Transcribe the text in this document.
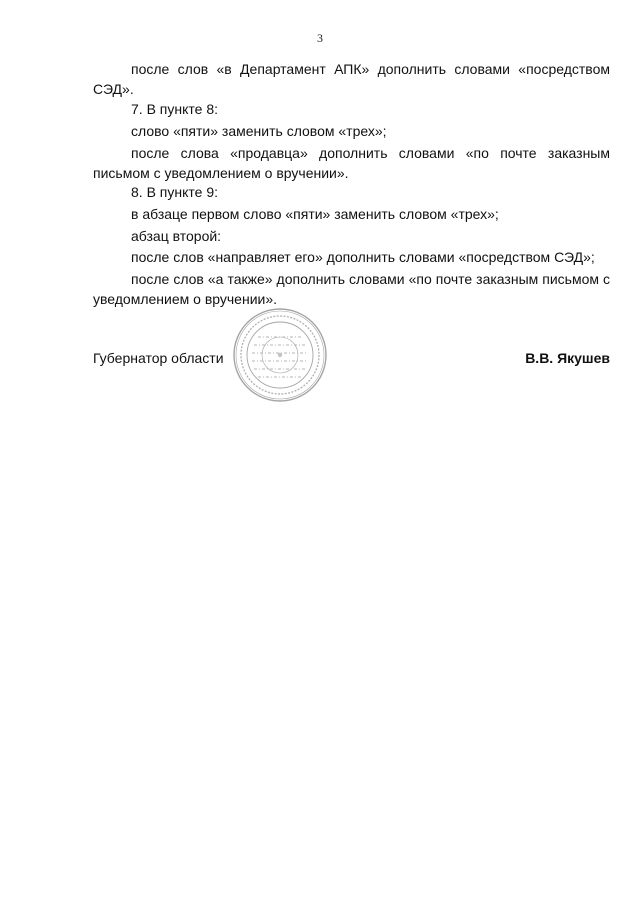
3
после слов «в Департамент АПК» дополнить словами «посредством СЭД».
7. В пункте 8:
слово «пяти» заменить словом «трех»;
после слова «продавца» дополнить словами «по почте заказным письмом с уведомлением о вручении».
8. В пункте 9:
в абзаце первом слово «пяти» заменить словом «трех»;
абзац второй:
после слов «направляет его» дополнить словами «посредством СЭД»;
после слов «а также» дополнить словами «по почте заказным письмом с уведомлением о вручении».
Губернатор области	В.В. Якушев
